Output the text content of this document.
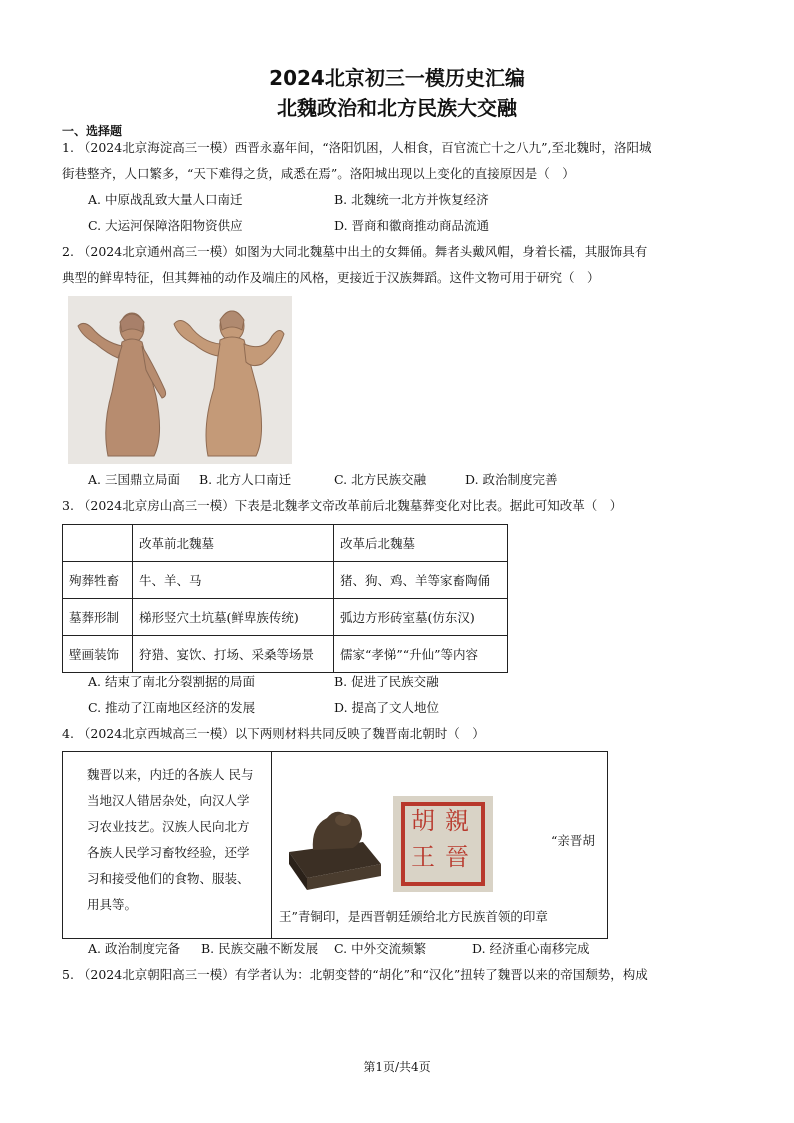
2024北京初三一模历史汇编
北魏政治和北方民族大交融
一、选择题
1. （2024北京海淀高三一模）西晋永嘉年间，“洛阳饥困，人相食，百官流亡十之八九”,至北魏时，洛阳城
街巷整齐，人口繁多，“天下难得之货，咸悉在焉”。洛阳城出现以上变化的直接原因是（　）
A. 中原战乱致大量人口南迁	B. 北魏统一北方并恢复经济
C. 大运河保障洛阳物资供应	D. 晋商和徽商推动商品流通
2. （2024北京通州高三一模）如图为大同北魏墓中出土的女舞俑。舞者头戴风帽，身着长襦，其服饰具有
典型的鲜卑特征，但其舞袖的动作及端庄的风格，更接近于汉族舞蹈。这件文物可用于研究（　）
A. 三国鼎立局面 B. 北方人口南迁	C. 北方民族交融	D. 政治制度完善
3. （2024北京房山高三一模）下表是北魏孝文帝改革前后北魏墓葬变化对比表。据此可知改革（　）
	改革前北魏墓	改革后北魏墓
殉葬牲畜	牛、羊、马	猪、狗、鸡、羊等家畜陶俑
墓葬形制	梯形竖穴土坑墓(鲜卑族传统)	弧边方形砖室墓(仿东汉)
壁画装饰	狩猎、宴饮、打场、采桑等场景	儒家“孝悌”“升仙”等内容
A. 结束了南北分裂割据的局面	B. 促进了民族交融
C. 推动了江南地区经济的发展	D. 提高了文人地位
4. （2024北京西城高三一模）以下两则材料共同反映了魏晋南北朝时（　）
魏晋以来，内迁的各族人 民与
当地汉人错居杂处，向汉人学
习农业技艺。汉族人民向北方
各族人民学习畜牧经验，还学
习和接受他们的食物、服装、
用具等。
親
晉
胡
王
“亲晋胡
王”青铜印，是西晋朝廷颁给北方民族首领的印章
A. 政治制度完备 B. 民族交融不断发展 C. 中外交流频繁	D. 经济重心南移完成
5. （2024北京朝阳高三一模）有学者认为：北朝变替的“胡化”和“汉化”扭转了魏晋以来的帝国颓势，构成
第1页/共4页
